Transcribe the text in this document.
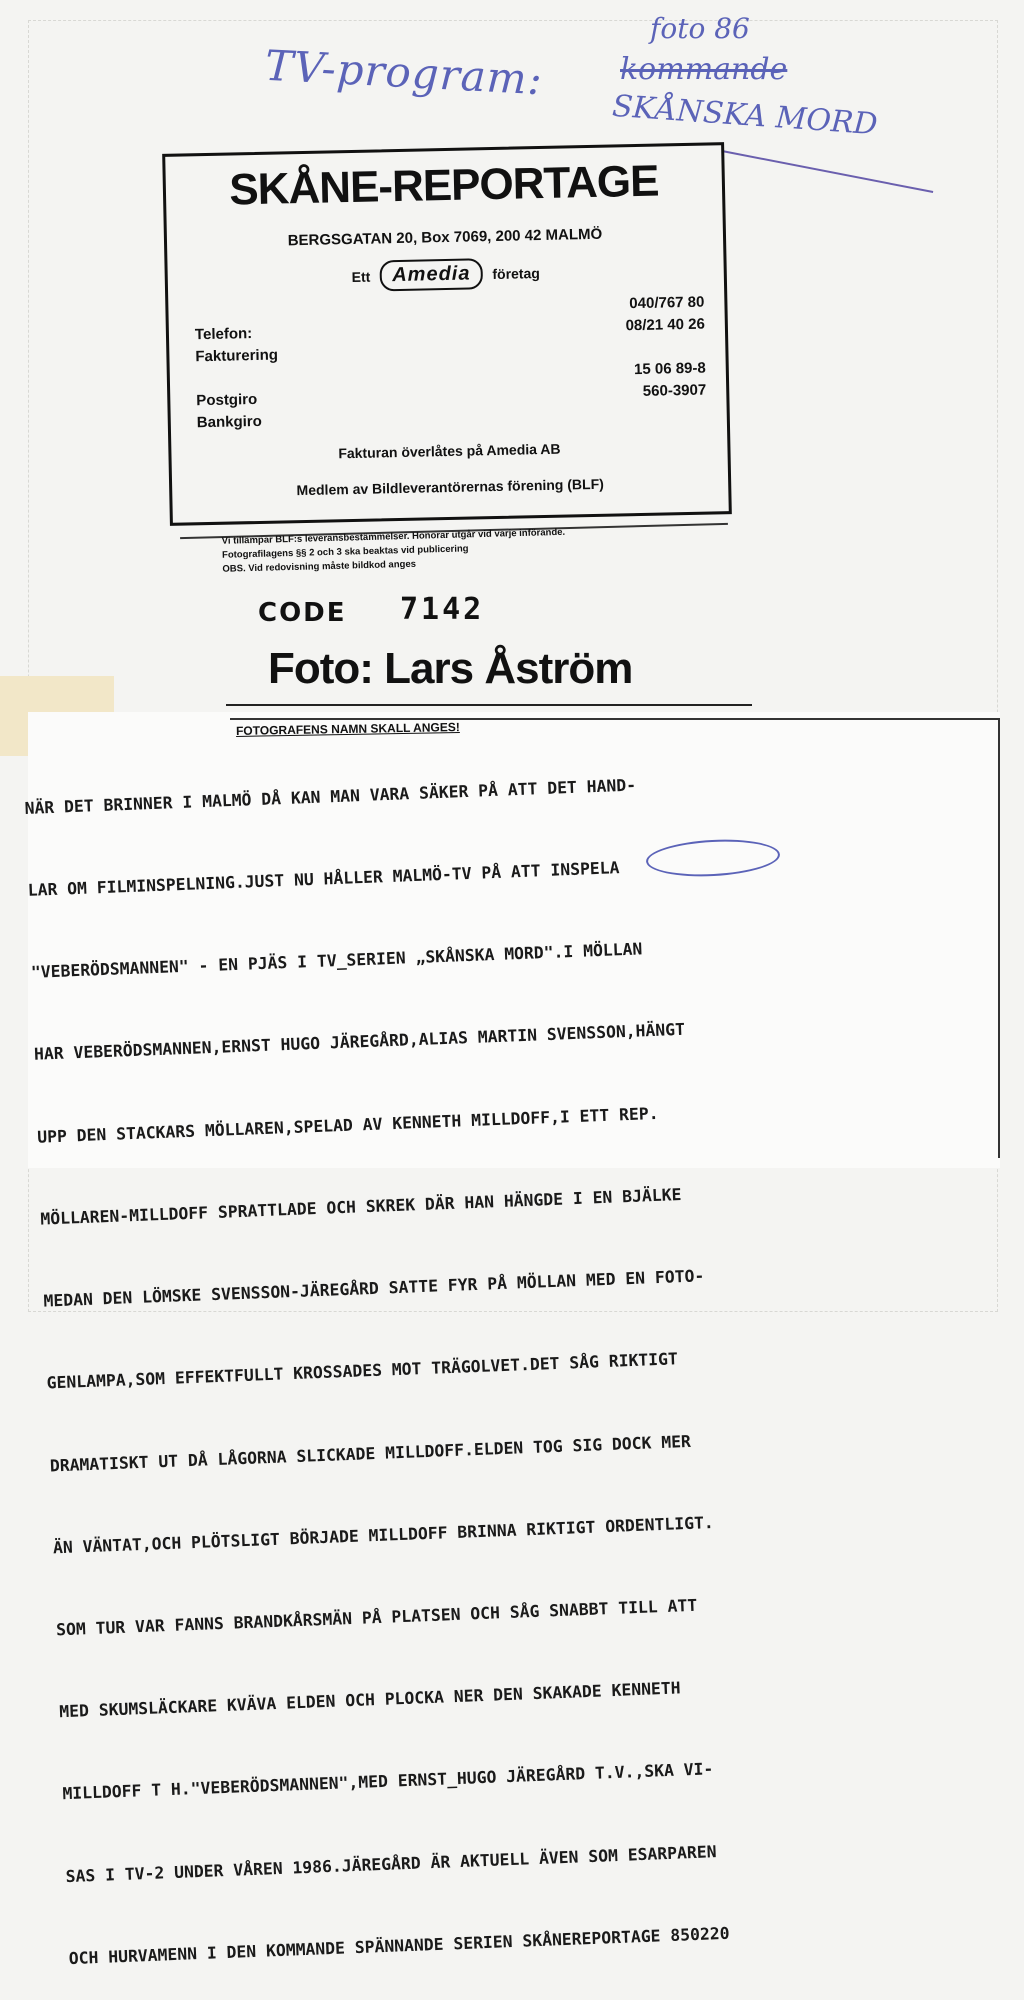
TV-program:
foto 86
kommande
SKÅNSKA MORD
SKÅNE-REPORTAGE
BERGSGATAN 20, Box 7069, 200 42 MALMÖ
Ett Amedia företag
Telefon:
Fakturering
Postgiro
Bankgiro
040/767 80
08/21 40 26
15 06 89-8
560-3907
Fakturan överlåtes på Amedia AB
Medlem av Bildleverantörernas förening (BLF)
Vi tillämpar BLF:s leveransbestämmelser. Honorar utgår vid varje införande.
Fotografilagens §§ 2 och 3 ska beaktas vid publicering
OBS. Vid redovisning måste bildkod anges
CODE 7142
Foto: Lars Åström
FOTOGRAFENS NAMN SKALL ANGES!

NÄR DET BRINNER I MALMÖ DÅ KAN MAN VARA SÄKER PÅ ATT DET HAND-

LAR OM FILMINSPELNING.JUST NU HÅLLER MALMÖ-TV PÅ ATT INSPELA

"VEBERÖDSMANNEN" - EN PJÄS I TV_SERIEN „SKÅNSKA MORD".I MÖLLAN

HAR VEBERÖDSMANNEN,ERNST HUGO JÄREGÅRD,ALIAS MARTIN SVENSSON,HÄNGT

UPP DEN STACKARS MÖLLAREN,SPELAD AV KENNETH MILLDOFF,I ETT REP.

MÖLLAREN-MILLDOFF SPRATTLADE OCH SKREK DÄR HAN HÄNGDE I EN BJÄLKE

MEDAN DEN LÖMSKE SVENSSON-JÄREGÅRD SATTE FYR PÅ MÖLLAN MED EN FOTO-

GENLAMPA,SOM EFFEKTFULLT KROSSADES MOT TRÄGOLVET.DET SÅG RIKTIGT

DRAMATISKT UT DÅ LÅGORNA SLICKADE MILLDOFF.ELDEN TOG SIG DOCK MER

ÄN VÄNTAT,OCH PLÖTSLIGT BÖRJADE MILLDOFF BRINNA RIKTIGT ORDENTLIGT.

SOM TUR VAR FANNS BRANDKÅRSMÄN PÅ PLATSEN OCH SÅG SNABBT TILL ATT

MED SKUMSLÄCKARE KVÄVA ELDEN OCH PLOCKA NER DEN SKAKADE KENNETH

MILLDOFF T H."VEBERÖDSMANNEN",MED ERNST_HUGO JÄREGÅRD T.V.,SKA VI-

SAS I TV-2 UNDER VÅREN 1986.JÄREGÅRD ÄR AKTUELL ÄVEN SOM ESARPAREN

OCH HURVAMENN I DEN KOMMANDE SPÄNNANDE SERIEN SKÅNEREPORTAGE 850220
